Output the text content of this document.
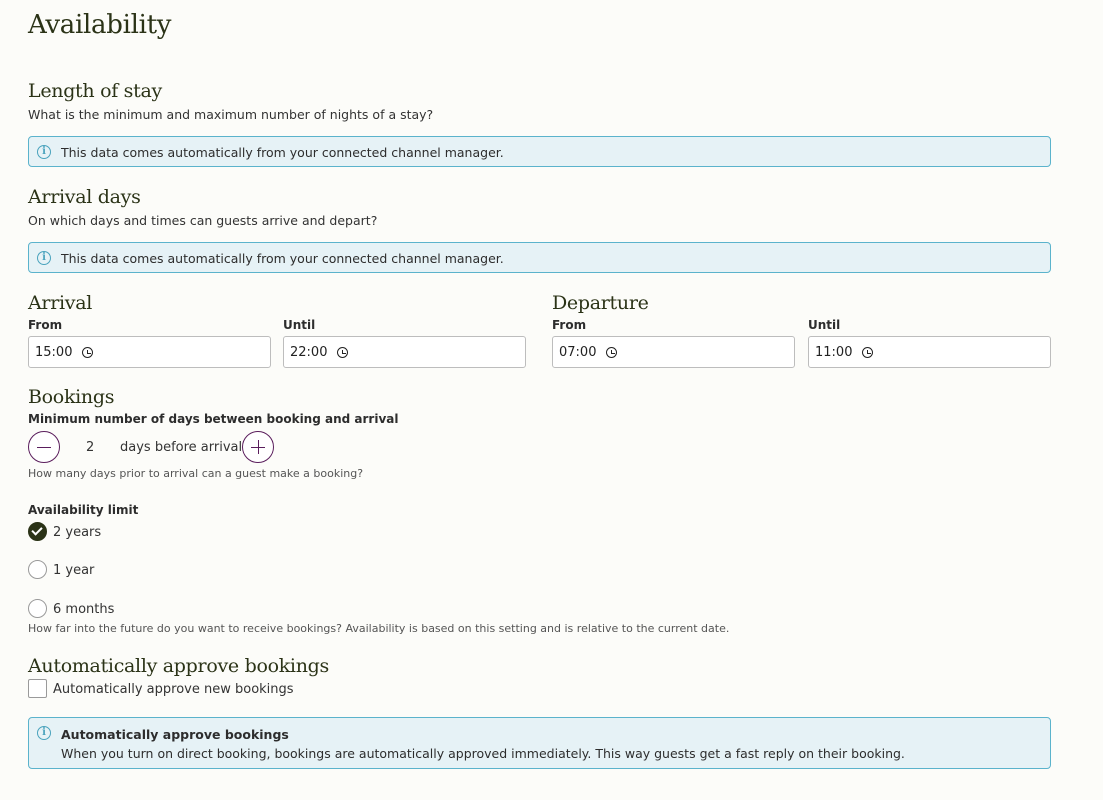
Availability
Length of stay

What is the minimum and maximum number of nights of a stay?

i	This data comes automatically from your connected channel manager.
Arrival days

On which days and times can guests arrive and depart?

i	This data comes automatically from your connected channel manager.
Arrival	Departure
From	Until	From	Until
15:00	22:00	07:00	11:00
Bookings
Minimum number of days between booking and arrival
2 days before arrival

How many days prior to arrival can a guest make a booking?

Availability limit
2 years
1 year
6 months

How far into the future do you want to receive bookings? Availability is based on this setting and is relative to the current date.

Automatically approve bookings
Automatically approve new bookings
i	Automatically approve bookings
When you turn on direct booking, bookings are automatically approved immediately. This way guests get a fast reply on their booking.
